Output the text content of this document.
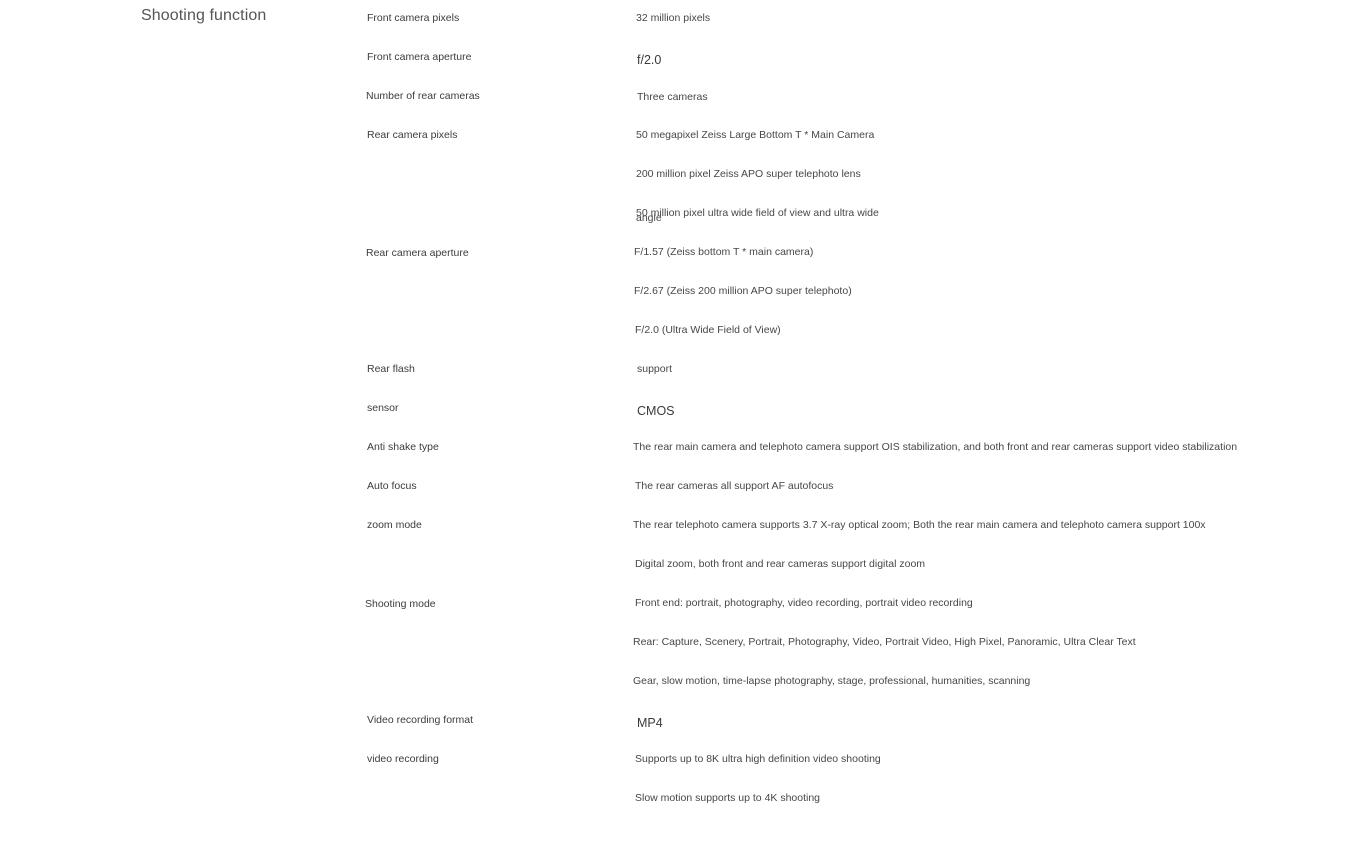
Shooting function	Front camera pixels
Front camera aperture
Number of rear cameras
Rear camera pixels
Rear camera aperture
Rear flash
sensor
Anti shake type
Auto focus
zoom mode
Shooting mode
Video recording format
video recording
32 million pixels
f/2.0
Three cameras
50 megapixel Zeiss Large Bottom T * Main Camera
200 million pixel Zeiss APO super telephoto lens
50 million pixel ultra wide field of view and ultra wide angle
F/1.57 (Zeiss bottom T * main camera)
F/2.67 (Zeiss 200 million APO super telephoto)
F/2.0 (Ultra Wide Field of View)
support
CMOS
The rear main camera and telephoto camera support OIS stabilization, and both front and rear cameras support video stabilization
The rear cameras all support AF autofocus
The rear telephoto camera supports 3.7 X-ray optical zoom; Both the rear main camera and telephoto camera support 100x
Digital zoom, both front and rear cameras support digital zoom
Front end: portrait, photography, video recording, portrait video recording
Rear: Capture, Scenery, Portrait, Photography, Video, Portrait Video, High Pixel, Panoramic, Ultra Clear Text
Gear, slow motion, time-lapse photography, stage, professional, humanities, scanning
MP4
Supports up to 8K ultra high definition video shooting
Slow motion supports up to 4K shooting
